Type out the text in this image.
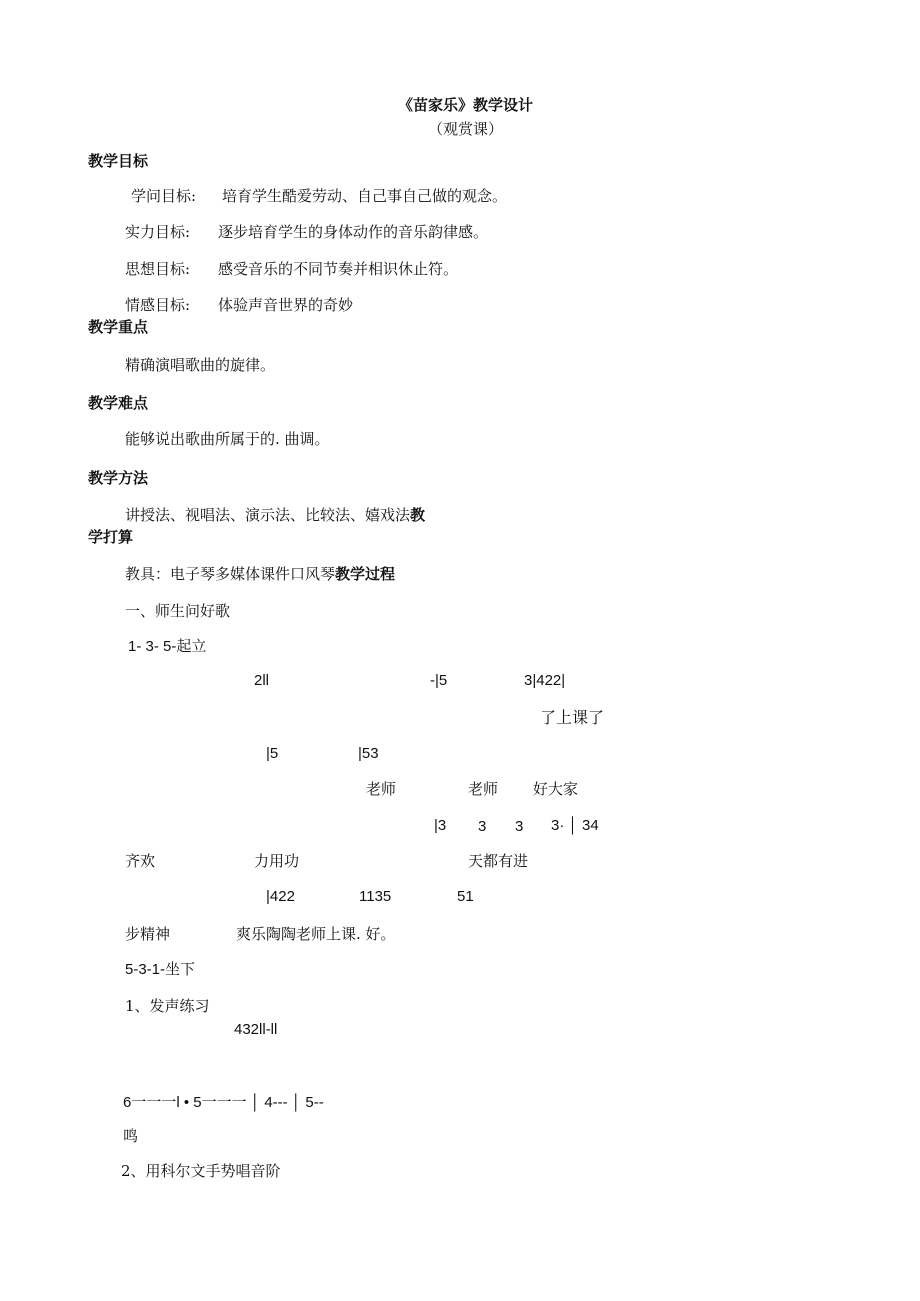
《苗家乐》教学设计
（观赏课）
教学目标
学问目标: 培育学生酷爱劳动、自己事自己做的观念。
实力目标: 逐步培育学生的身体动作的音乐韵律感。
思想目标: 感受音乐的不同节奏并相识休止符。
情感目标: 体验声音世界的奇妙
教学重点
精确演唱歌曲的旋律。
教学难点
能够说出歌曲所属于的. 曲调。
教学方法
讲授法、视唱法、演示法、比较法、嬉戏法教
学打算
教具：电子琴多媒体课件口风琴教学过程
一、师生问好歌
1- 3- 5-起立
2ll	-|5	3|422|
了上课了
|5	|53
老师	老师 好大家
|3 3 3 3· │ 34
齐欢	力用功	天都有进
|422	1135	51
步精神	爽乐陶陶老师上课. 好。
5-3-1-坐下
1、发声练习
432ll-ll
6一一一l • 5一一一 │ 4--- │ 5--
鸣
2、用科尔文手势唱音阶
